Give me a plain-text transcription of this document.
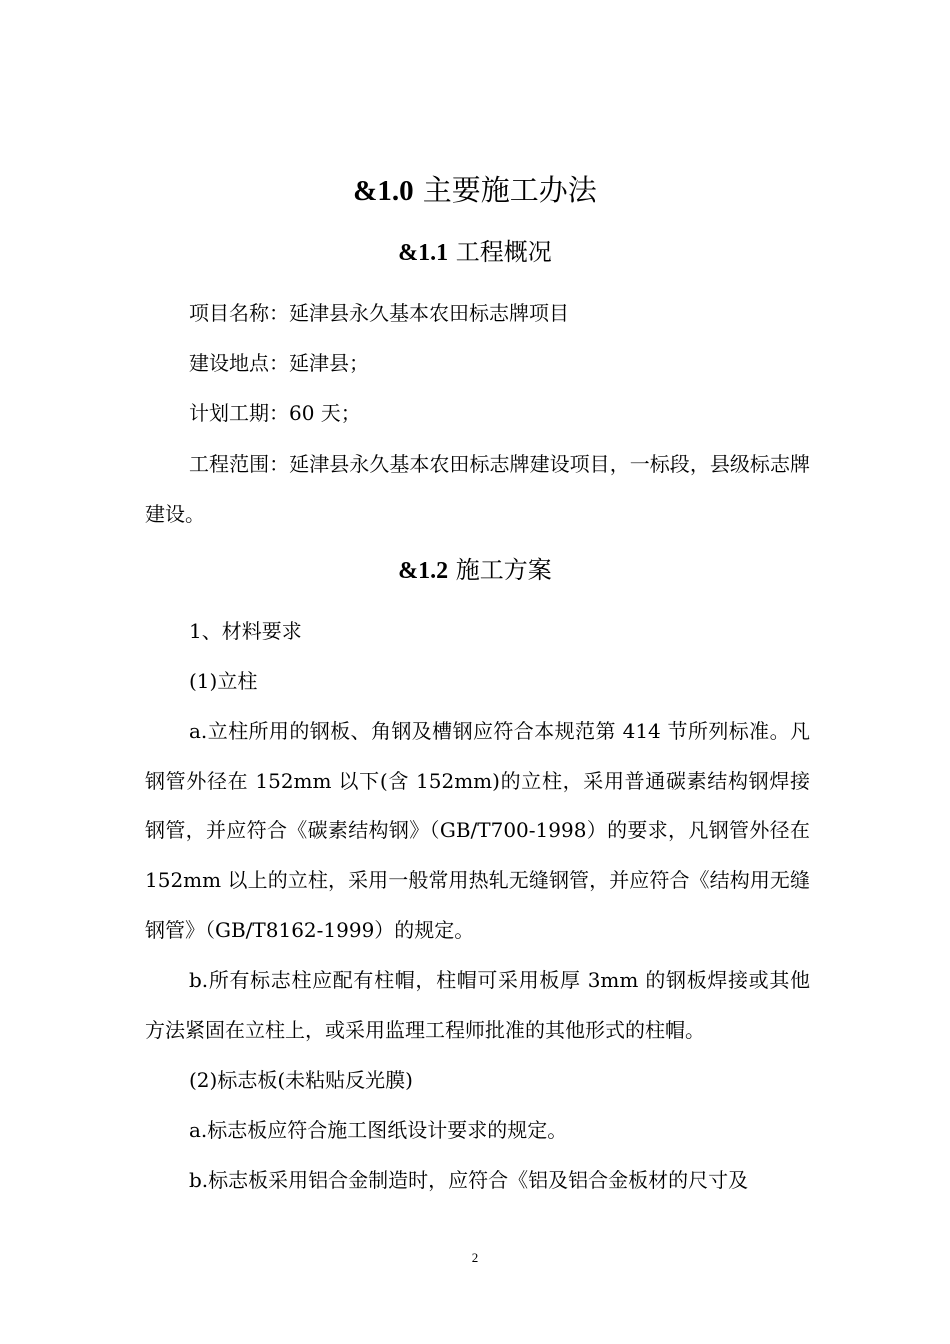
&1.0 主要施工办法
&1.1 工程概况
项目名称：延津县永久基本农田标志牌项目
建设地点：延津县；
计划工期：60 天；
工程范围：延津县永久基本农田标志牌建设项目，一标段，县级标志牌建设。
&1.2 施工方案
1、材料要求
(1)立柱
a.立柱所用的钢板、角钢及槽钢应符合本规范第 414 节所列标准。凡钢管外径在 152mm 以下(含 152mm)的立柱，采用普通碳素结构钢焊接钢管，并应符合《碳素结构钢》（GB/T700-1998）的要求，凡钢管外径在 152mm 以上的立柱，采用一般常用热轧无缝钢管，并应符合《结构用无缝钢管》（GB/T8162-1999）的规定。
b.所有标志柱应配有柱帽，柱帽可采用板厚 3mm 的钢板焊接或其他方法紧固在立柱上，或采用监理工程师批准的其他形式的柱帽。
(2)标志板(未粘贴反光膜)
a.标志板应符合施工图纸设计要求的规定。
b.标志板采用铝合金制造时，应符合《铝及铝合金板材的尺寸及
2
